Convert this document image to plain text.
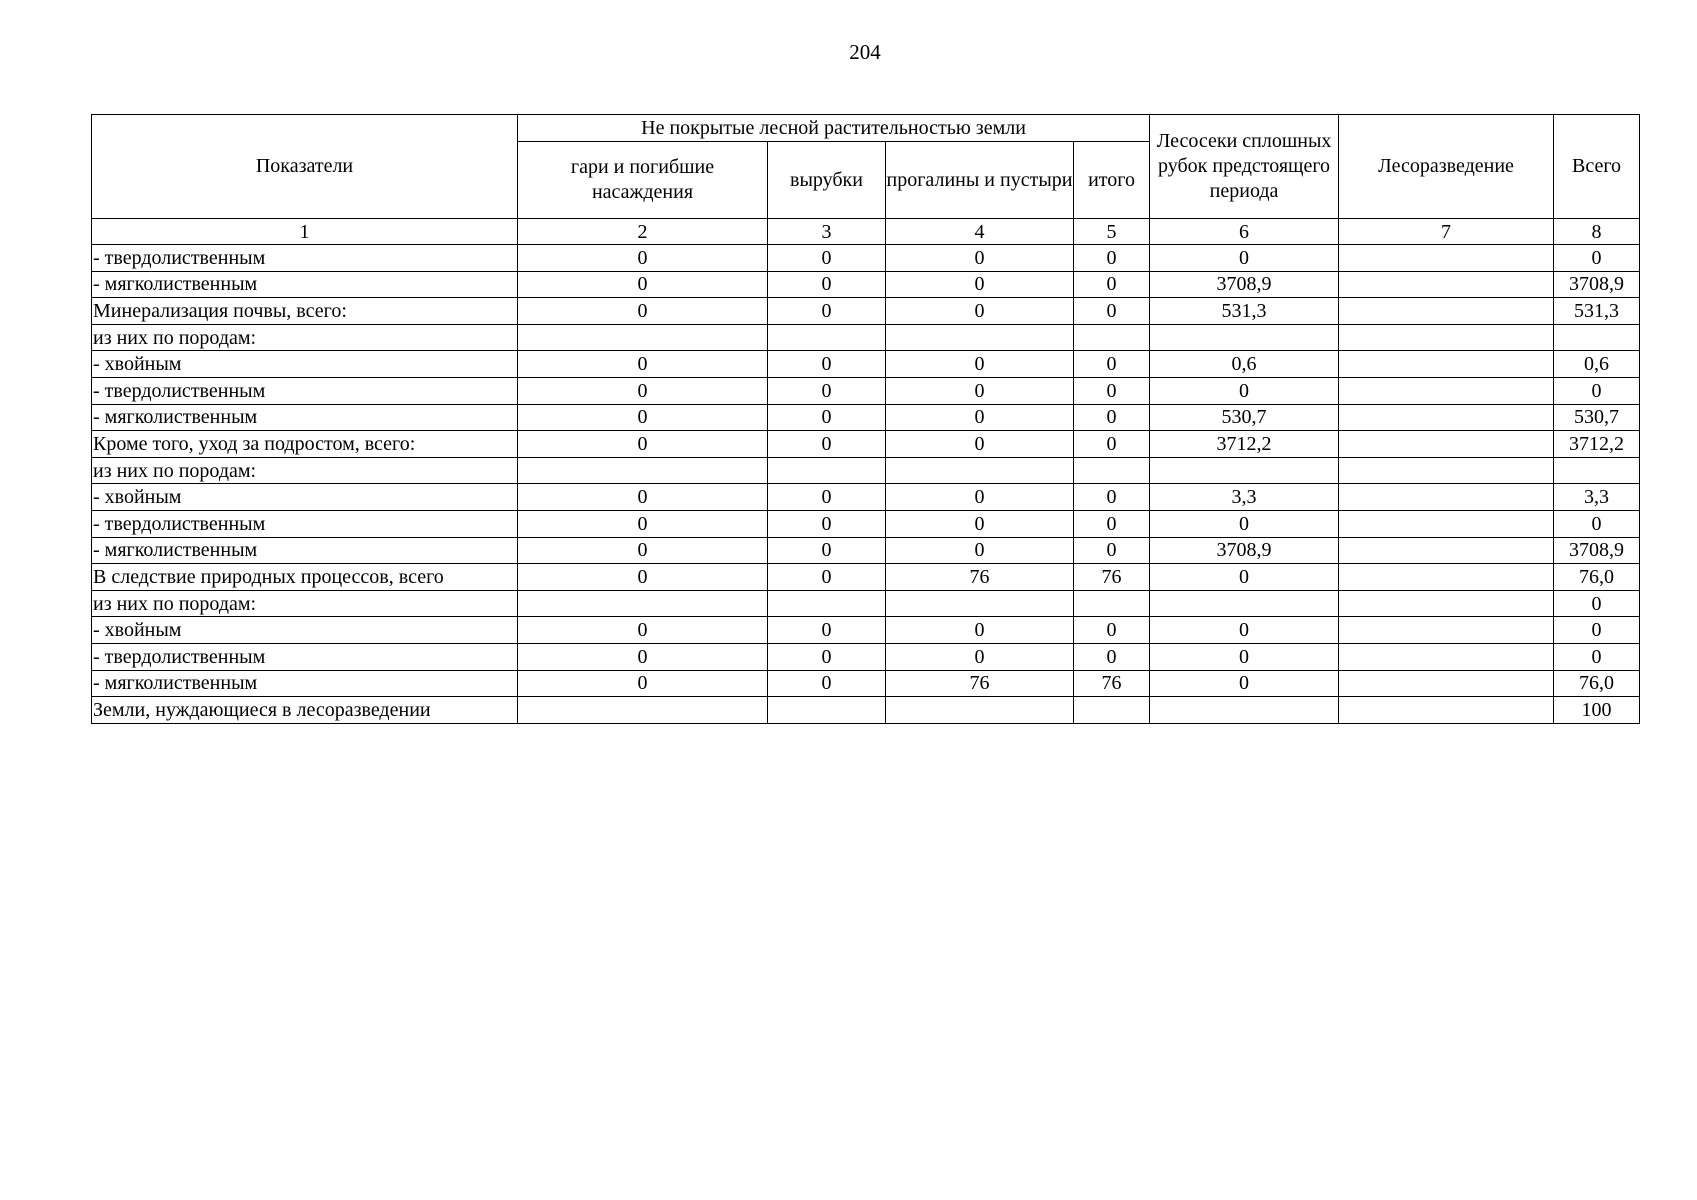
204
Показатели	Не покрытые лесной растительностью земли				Лесосеки сплошных рубок предстоящего периода	Лесоразведение	Всего
	гари и погибшие насаждения	вырубки	прогалины и пустыри	итого			
1	2	3	4	5	6	7	8
- твердолиственным	0	0	0	0	0		0
- мягколиственным	0	0	0	0	3708,9		3708,9
Минерализация почвы, всего:	0	0	0	0	531,3		531,3
из них по породам:							
- хвойным	0	0	0	0	0,6		0,6
- твердолиственным	0	0	0	0	0		0
- мягколиственным	0	0	0	0	530,7		530,7
Кроме того, уход за подростом, всего:	0	0	0	0	3712,2		3712,2
из них по породам:							
- хвойным	0	0	0	0	3,3		3,3
- твердолиственным	0	0	0	0	0		0
- мягколиственным	0	0	0	0	3708,9		3708,9
В следствие природных процессов, всего	0	0	76	76	0		76,0
из них по породам:							0
- хвойным	0	0	0	0	0		0
- твердолиственным	0	0	0	0	0		0
- мягколиственным	0	0	76	76	0		76,0
Земли, нуждающиеся в лесоразведении							100
